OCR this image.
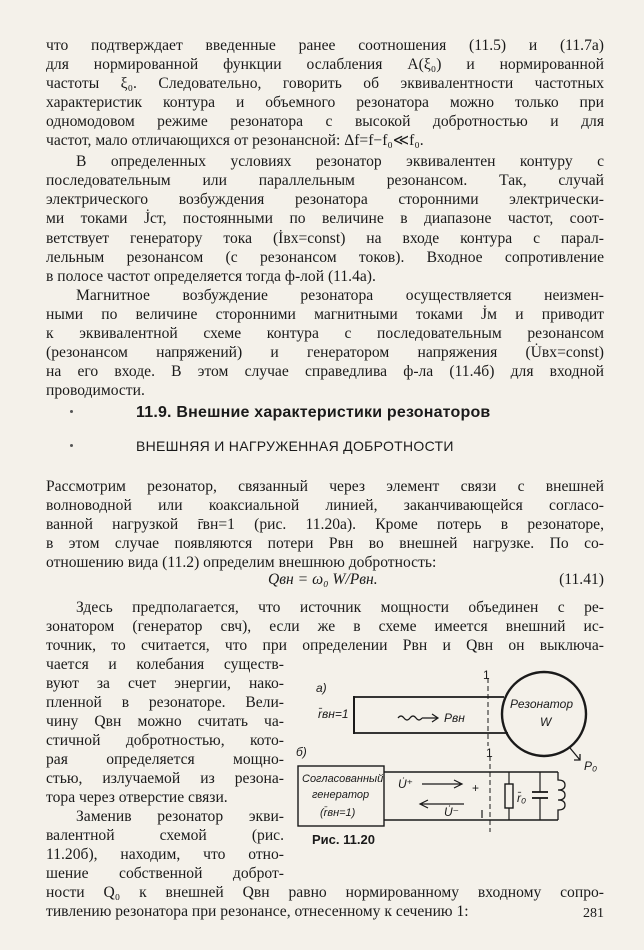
что подтверждает введенные ранее соотношения (11.5) и (11.7а)
для нормированной функции ослабления A(ξ₀) и нормированной
частоты ξ₀. Следовательно, говорить об эквивалентности частотных
характеристик контура и объемного резонатора можно только при
одномодовом режиме резонатора с высокой добротностью и для
частот, мало отличающихся от резонансной: Δf=f−f₀≪f₀.
В определенных условиях резонатор эквивалентен контуру с
последовательным или параллельным резонансом. Так, случай
электрического возбуждения резонатора сторонними электрически-
ми токами J̇ст, постоянными по величине в диапазоне частот, соот-
ветствует генератору тока (İвх=const) на входе контура с парал-
лельным резонансом (с резонансом токов). Входное сопротивление
в полосе частот определяется тогда ф-лой (11.4а).
Магнитное возбуждение резонатора осуществляется неизмен-
ными по величине сторонними магнитными токами J̇м и приводит
к эквивалентной схеме контура с последовательным резонансом
(резонансом напряжений) и генератором напряжения (U̇вх=const)
на его входе. В этом случае справедлива ф-ла (11.4б) для входной
проводимости.
11.9. Внешние характеристики резонаторов
ВНЕШНЯЯ И НАГРУЖЕННАЯ ДОБРОТНОСТИ
Рассмотрим резонатор, связанный через элемент связи с внешней
волноводной или коаксиальной линией, заканчивающейся согласо-
ванной нагрузкой r̄вн=1 (рис. 11.20а). Кроме потерь в резонаторе,
в этом случае появляются потери Pвн во внешней нагрузке. По со-
отношению вида (11.2) определим внешнюю добротность:
Qвн = ω₀ W/Pвн.	(11.41)
Здесь предполагается, что источник мощности объединен с ре-
зонатором (генератор свч), если же в схеме имеется внешний ис-
точник, то считается, что при определении Pвн и Qвн он выключа-
чается и колебания существ-
вуют за счет энергии, нако-
пленной в резонаторе. Вели-
чину Qвн можно считать ча-
стичной добротностью, кото-
рая определяется мощно-
стью, излучаемой из резона-
тора через отверстие связи.
Заменив резонатор экви-
валентной схемой (рис.
11.20б), находим, что отно-
шение собственной доброт-
ности Q₀ к внешней Qвн равно нормированному входному сопро-
тивлению резонатора при резонансе, отнесенному к сечению 1:
а)
1
r̄вн=1	Pвн
Резонатор
W
P₀
б)
Согласованный
генератор
(r̄вн=1)
1
U̇⁺
U̇⁻
+
r̄₀
Рис. 11.20
281
